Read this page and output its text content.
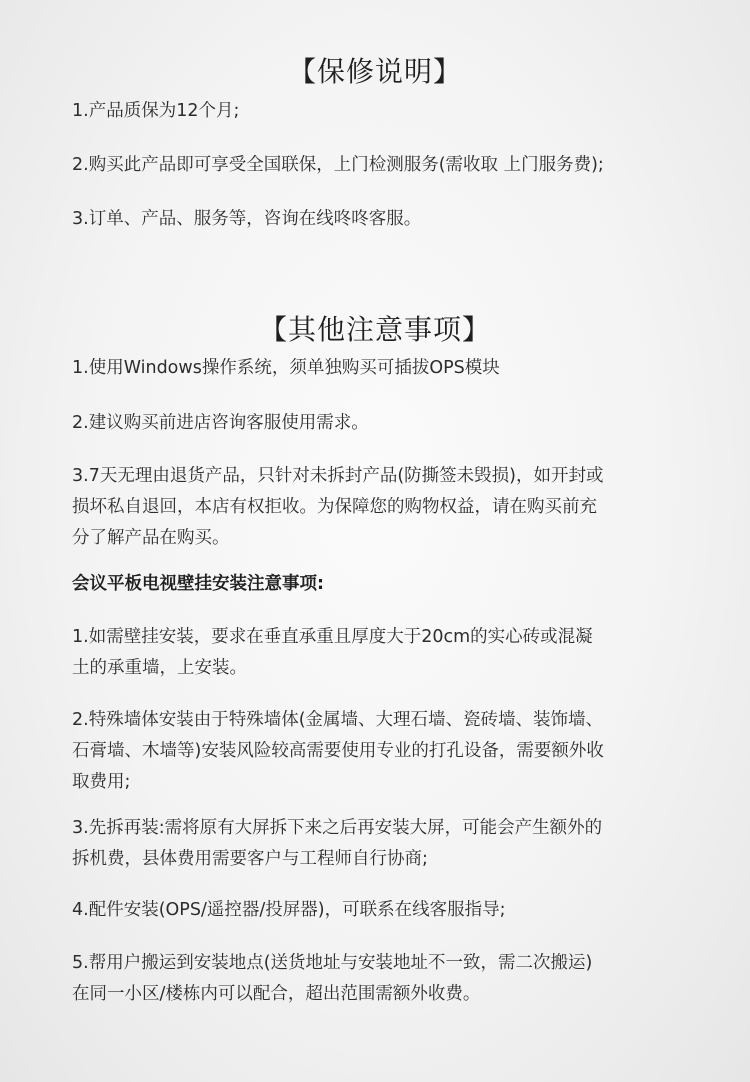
【保修说明】

1.产品质保为12个月;

2.购买此产品即可享受全国联保，上门检测服务(需收取 上门服务费);

3.订单、产品、服务等，咨询在线咚咚客服。

【其他注意事项】

1.使用Windows操作系统，须单独购买可插拔OPS模块

2.建议购买前进店咨询客服使用需求。

3.7天无理由退货产品，只针对未拆封产品(防撕签未毁损)，如开封或
损坏私自退回，本店有权拒收。为保障您的购物权益，请在购买前充
分了解产品在购买。

会议平板电视壁挂安装注意事项:

1.如需壁挂安装，要求在垂直承重且厚度大于20cm的实心砖或混凝
土的承重墙，上安装。

2.特殊墙体安装由于特殊墙体(金属墙、大理石墙、瓷砖墙、装饰墙、
石膏墙、木墙等)安装风险较高需要使用专业的打孔设备，需要额外收
取费用;

3.先拆再装:需将原有大屏拆下来之后再安装大屏，可能会产生额外的
拆机费，县体费用需要客户与工程师自行协商;

4.配件安装(OPS/遥控器/投屏器)，可联系在线客服指导;

5.帮用户搬运到安装地点(送货地址与安装地址不一致，需二次搬运)
在同一小区/楼栋内可以配合，超出范围需额外收费。
